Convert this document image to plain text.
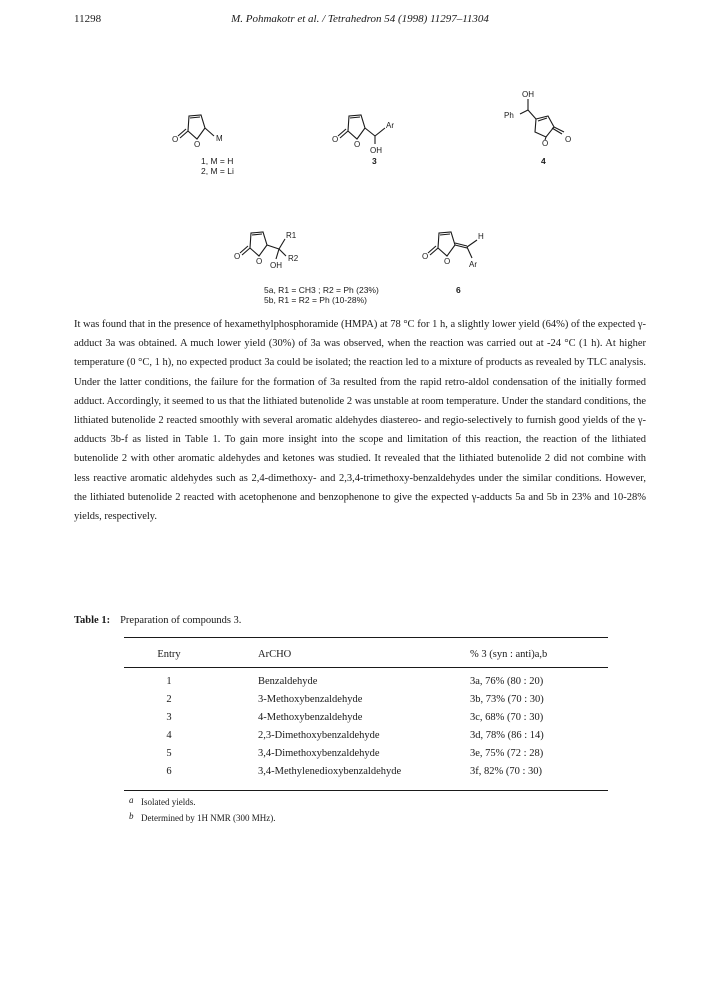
11298	M. Pohmakotr et al. / Tetrahedron 54 (1998) 11297–11304
O
O
M
1, M = H
2, M = Li
O
O
Ar
OH
3
OH
Ph
O O
4
O
O
R1
R2
OH
5a, R1 = CH3 ; R2 = Ph (23%)
5b, R1 = R2 = Ph (10-28%)
O
O
H
Ar
6

It was found that in the presence of hexamethylphosphoramide (HMPA) at 78 °C for 1 h, a slightly lower yield (64%) of the expected γ-adduct 3a was obtained. A much lower yield (30%) of 3a was observed, when the reaction was carried out at -24 °C (1 h). At higher temperature (0 °C, 1 h), no expected product 3a could be isolated; the reaction led to a mixture of products as revealed by TLC analysis. Under the latter conditions, the failure for the formation of 3a resulted from the rapid retro-aldol condensation of the initially formed adduct. Accordingly, it seemed to us that the lithiated butenolide 2 was unstable at room temperature. Under the standard conditions, the lithiated butenolide 2 reacted smoothly with several aromatic aldehydes diastereo- and regio-selectively to furnish good yields of the γ-adducts 3b-f as listed in Table 1. To gain more insight into the scope and limitation of this reaction, the reaction of the lithiated butenolide 2 with other aromatic aldehydes and ketones was studied. It revealed that the lithiated butenolide 2 did not combine with less reactive aromatic aldehydes such as 2,4-dimethoxy- and 2,3,4-trimethoxy-benzaldehydes under the similar conditions. However, the lithiated butenolide 2 reacted with acetophenone and benzophenone to give the expected γ-adducts 5a and 5b in 23% and 10-28% yields, respectively.

Table 1: Preparation of compounds 3.
Entry	ArCHO	% 3 (syn : anti)a,b
1	Benzaldehyde	3a, 76% (80 : 20)
2	3-Methoxybenzaldehyde	3b, 73% (70 : 30)
3	4-Methoxybenzaldehyde	3c, 68% (70 : 30)
4	2,3-Dimethoxybenzaldehyde	3d, 78% (86 : 14)
5	3,4-Dimethoxybenzaldehyde	3e, 75% (72 : 28)
6	3,4-Methylenedioxybenzaldehyde	3f, 82% (70 : 30)
a Isolated yields.
b Determined by 1H NMR (300 MHz).
